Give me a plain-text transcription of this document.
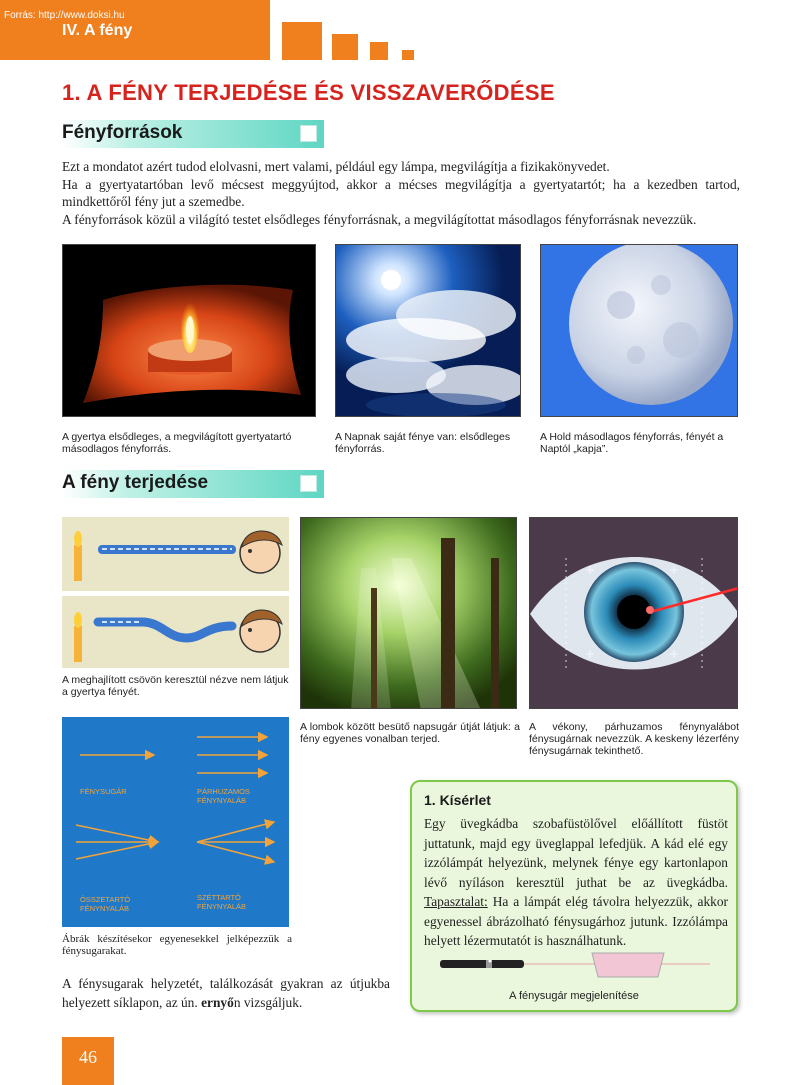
Forrás: http://www.doksi.hu
IV. A fény
1. A FÉNY TERJEDÉSE ÉS VISSZAVERŐDÉSE
Fényforrások
Ezt a mondatot azért tudod elolvasni, mert valami, például egy lámpa, megvilágítja a fizikakönyvedet.
Ha a gyertyatartóban levő mécsest meggyújtod, akkor a mécses megvilágítja a gyertyatartót; ha a kezedben tartod, mindkettőről fény jut a szemedbe.
A fényforrások közül a világító testet elsődleges fényforrásnak, a megvilágítottat másodlagos fényforrásnak nevezzük.
A gyertya elsődleges, a megvilágított gyertyatartó másodlagos fényforrás.
A Napnak saját fénye van: elsődleges fényforrás.
A Hold másodlagos fényforrás, fényét a Naptól „kapja”.
A fény terjedése
A meghajlított csövön keresztül nézve nem látjuk a gyertya fényét.
A lombok között besütő napsugár útját látjuk: a fény egyenes vonalban terjed.
A vékony, párhuzamos fénynyalábot fénysugárnak nevezzük. A keskeny lézerfény fénysugárnak tekinthető.
FÉNYSUGÁR	PÁRHUZAMOS FÉNYNYALÁB
ÖSSZETARTÓ FÉNYNYALÁB
SZÉTTARTÓ FÉNYNYALÁB
Ábrák készítésekor egyenesekkel jelképezzük a fénysugarakat.
A fénysugarak helyzetét, találkozását gyakran az útjukba helyezett síklapon, az ún. ernyőn vizsgáljuk.
1. Kísérlet
Egy üvegkádba szobafüstölővel előállított füstöt juttatunk, majd egy üveglappal lefedjük. A kád elé egy izzólámpát helyezünk, melynek fénye egy kartonlapon lévő nyíláson keresztül juthat be az üvegkádba. Tapasztalat: Ha a lámpát elég távolra helyezzük, akkor egyenessel ábrázolható fénysugárhoz jutunk. Izzólámpa helyett lézermutatót is használhatunk.
A fénysugár megjelenítése
46
